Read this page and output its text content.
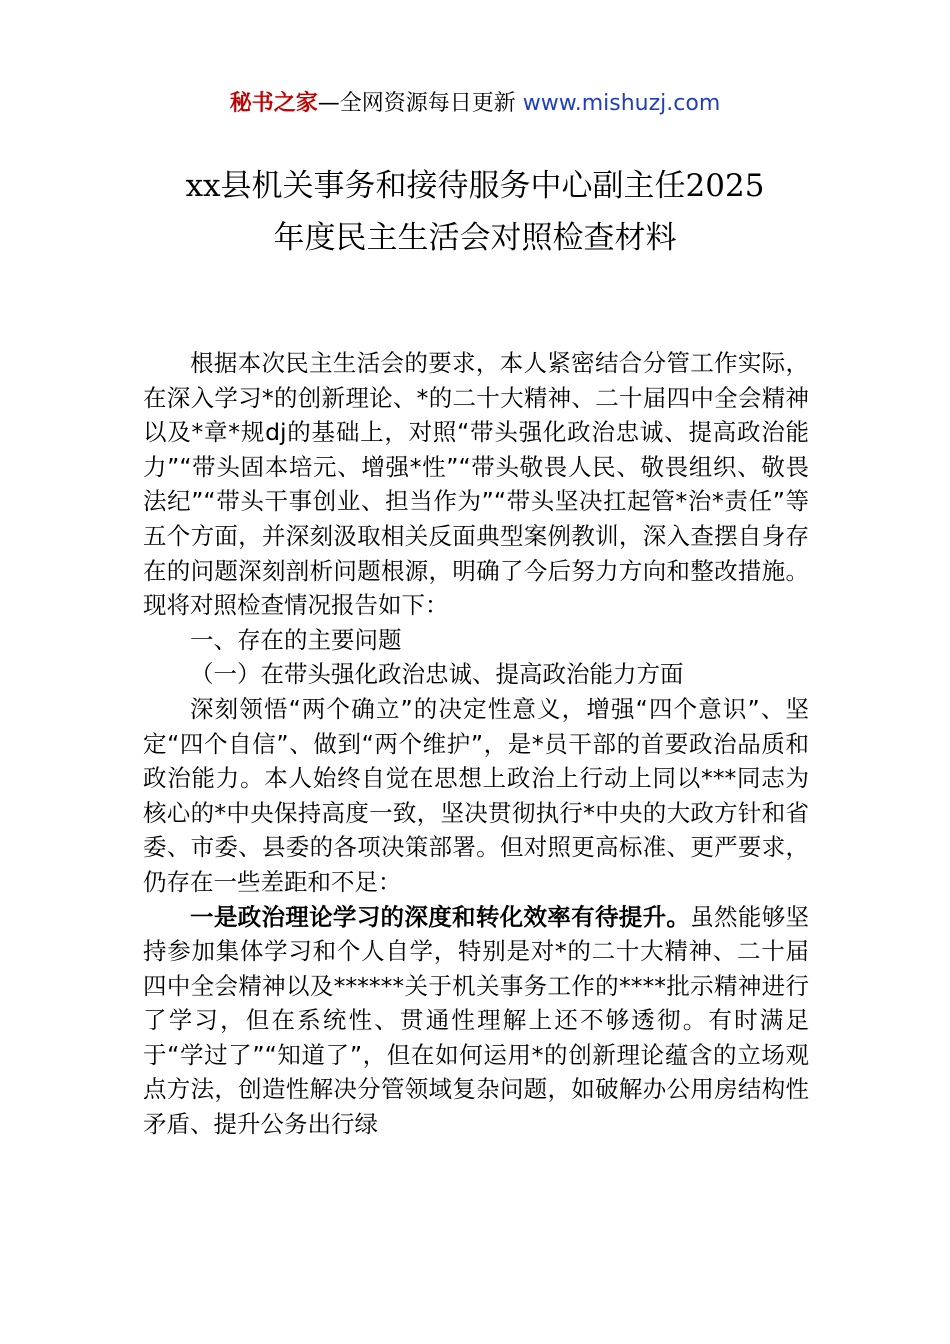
秘书之家—全网资源每日更新 www.mishuzj.com
xx县机关事务和接待服务中心副主任2025
年度民主生活会对照检查材料

根据本次民主生活会的要求，本人紧密结合分管工作实际，在深入学习*的创新理论、*的二十大精神、二十届四中全会精神以及*章*规dj的基础上，对照“带头强化政治忠诚、提高政治能力”“带头固本培元、增强*性”“带头敬畏人民、敬畏组织、敬畏法纪”“带头干事创业、担当作为”“带头坚决扛起管*治*责任”等五个方面，并深刻汲取相关反面典型案例教训，深入查摆自身存在的问题深刻剖析问题根源，明确了今后努力方向和整改措施。现将对照检查情况报告如下：

一、存在的主要问题

（一）在带头强化政治忠诚、提高政治能力方面

深刻领悟“两个确立”的决定性意义，增强“四个意识”、坚定“四个自信”、做到“两个维护”，是*员干部的首要政治品质和政治能力。本人始终自觉在思想上政治上行动上同以***同志为核心的*中央保持高度一致，坚决贯彻执行*中央的大政方针和省委、市委、县委的各项决策部署。但对照更高标准、更严要求，仍存在一些差距和不足：

一是政治理论学习的深度和转化效率有待提升。虽然能够坚持参加集体学习和个人自学，特别是对*的二十大精神、二十届四中全会精神以及******关于机关事务工作的****批示精神进行了学习，但在系统性、贯通性理解上还不够透彻。有时满足于“学过了”“知道了”，但在如何运用*的创新理论蕴含的立场观点方法，创造性解决分管领域复杂问题，如破解办公用房结构性矛盾、提升公务出行绿
